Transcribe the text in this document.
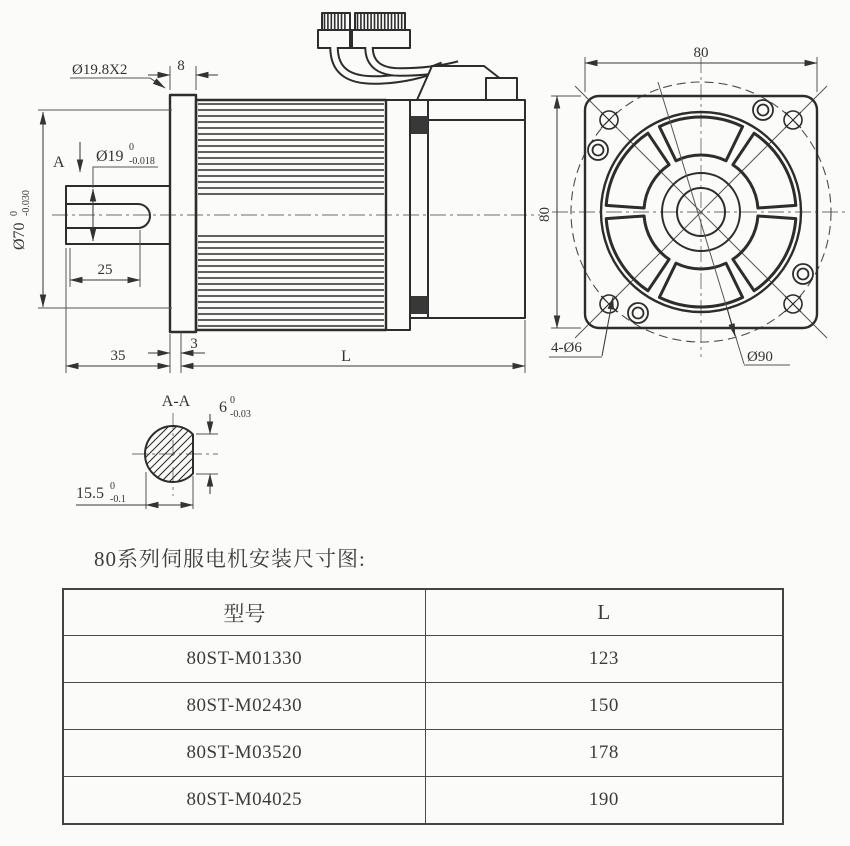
Ø19.8X2	8
A Ø19
0
-0.018
Ø70
0 -0.030
25
35
3
L
80
80
4-Ø6
Ø90
A-A 6 0
-0.03
15.5 0
-0.1
80系列伺服电机安装尺寸图:
型号	L
80ST-M01330	123
80ST-M02430	150
80ST-M03520	178
80ST-M04025	190
